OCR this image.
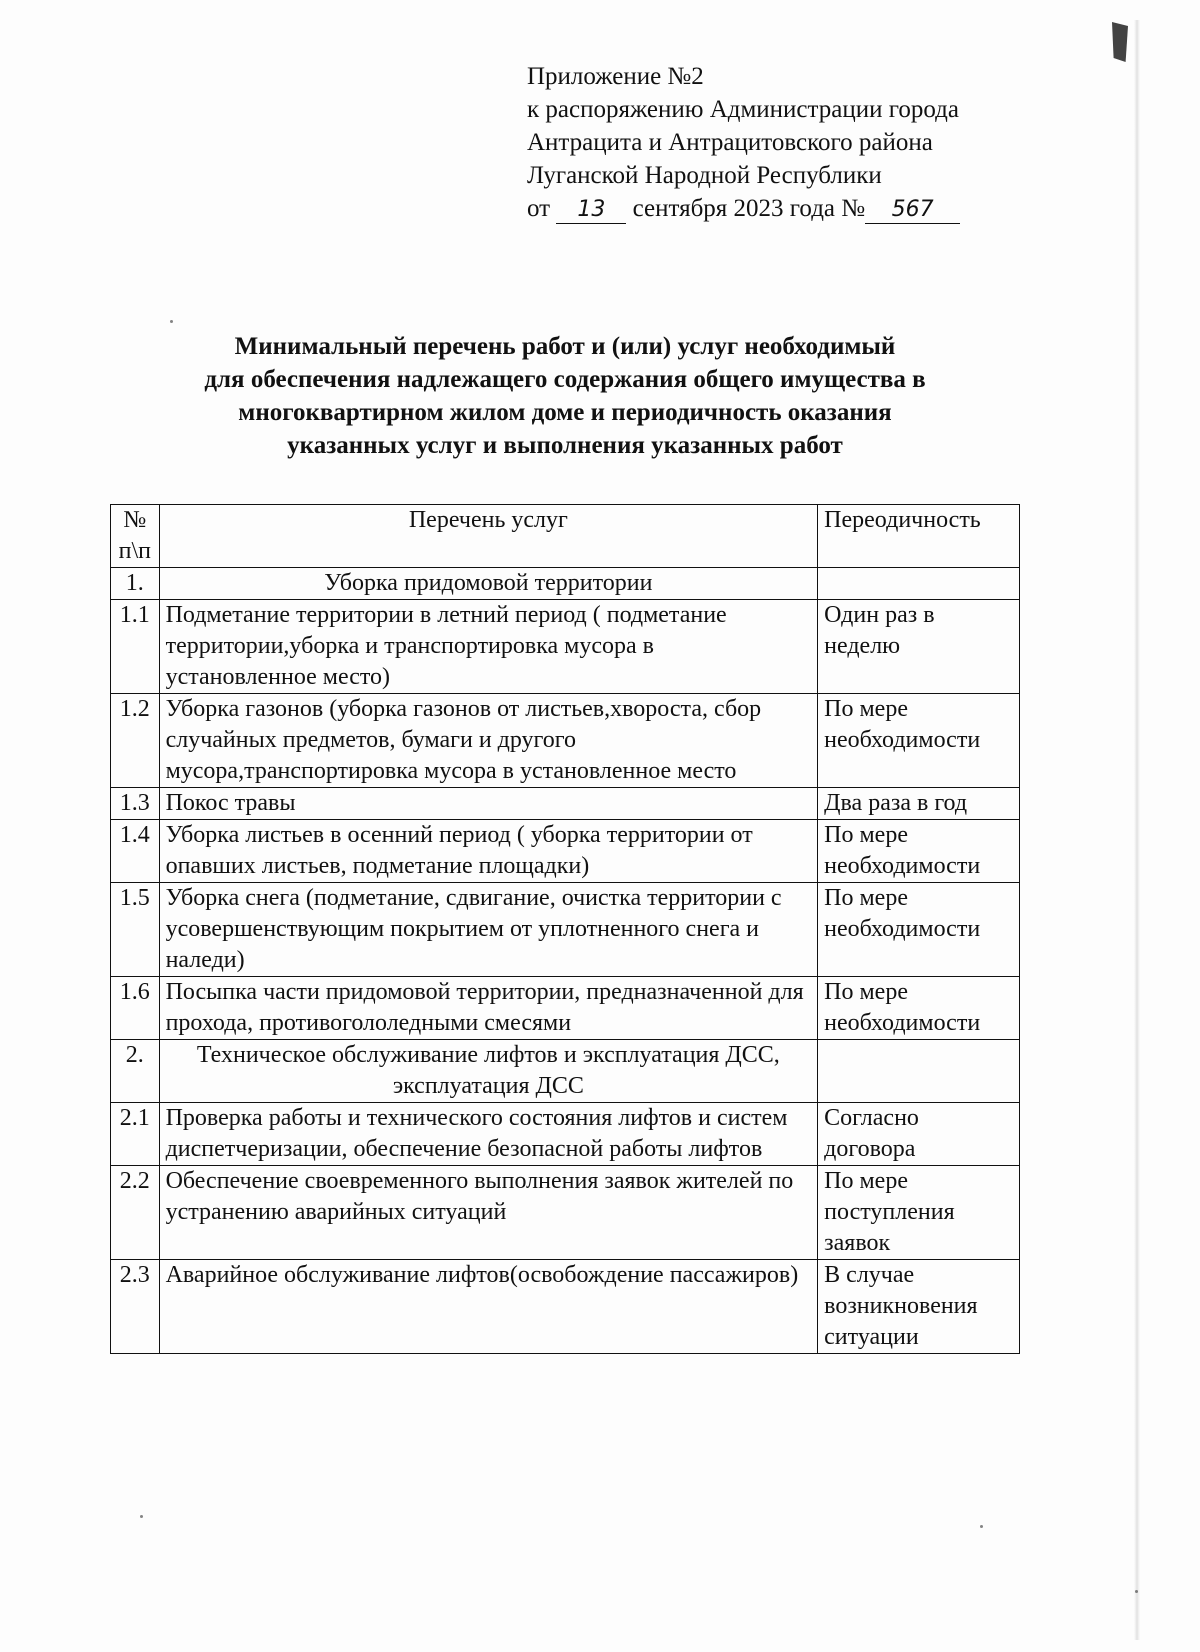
Приложение №2
к распоряжению Администрации города
Антрацита и Антрацитовского района
Луганской Народной Республики
от 13 сентября 2023 года № 567
Минимальный перечень работ и (или) услуг необходимый
для обеспечения надлежащего содержания общего имущества в
многоквартирном жилом доме и периодичность оказания
указанных услуг и выполнения указанных работ
№ п\п	Перечень услуг	Переодичность
1.	Уборка придомовой территории	
1.1	Подметание территории в летний период ( подметание территории,уборка и транспортировка мусора в установленное место)	Один раз в неделю
1.2	Уборка газонов (уборка газонов от листьев,хвороста, сбор случайных предметов, бумаги и другого мусора,транспортировка мусора в установленное место	По мере необходимости
1.3	Покос травы	Два раза в год
1.4	Уборка листьев в осенний период ( уборка территории от опавших листьев, подметание площадки)	По мере необходимости
1.5	Уборка снега (подметание, сдвигание, очистка территории с усовершенствующим покрытием от уплотненного снега и наледи)	По мере необходимости
1.6	Посыпка части придомовой территории, предназначенной для прохода, противогололедными смесями	По мере необходимости
2.	Техническое обслуживание лифтов и эксплуатация ДСС, эксплуатация ДСС	
2.1	Проверка работы и технического состояния лифтов и систем диспетчеризации, обеспечение безопасной работы лифтов	Согласно договора
2.2	Обеспечение своевременного выполнения заявок жителей по устранению аварийных ситуаций	По мере поступления заявок
2.3	Аварийное обслуживание лифтов(освобождение пассажиров)	В случае возникновения ситуации
